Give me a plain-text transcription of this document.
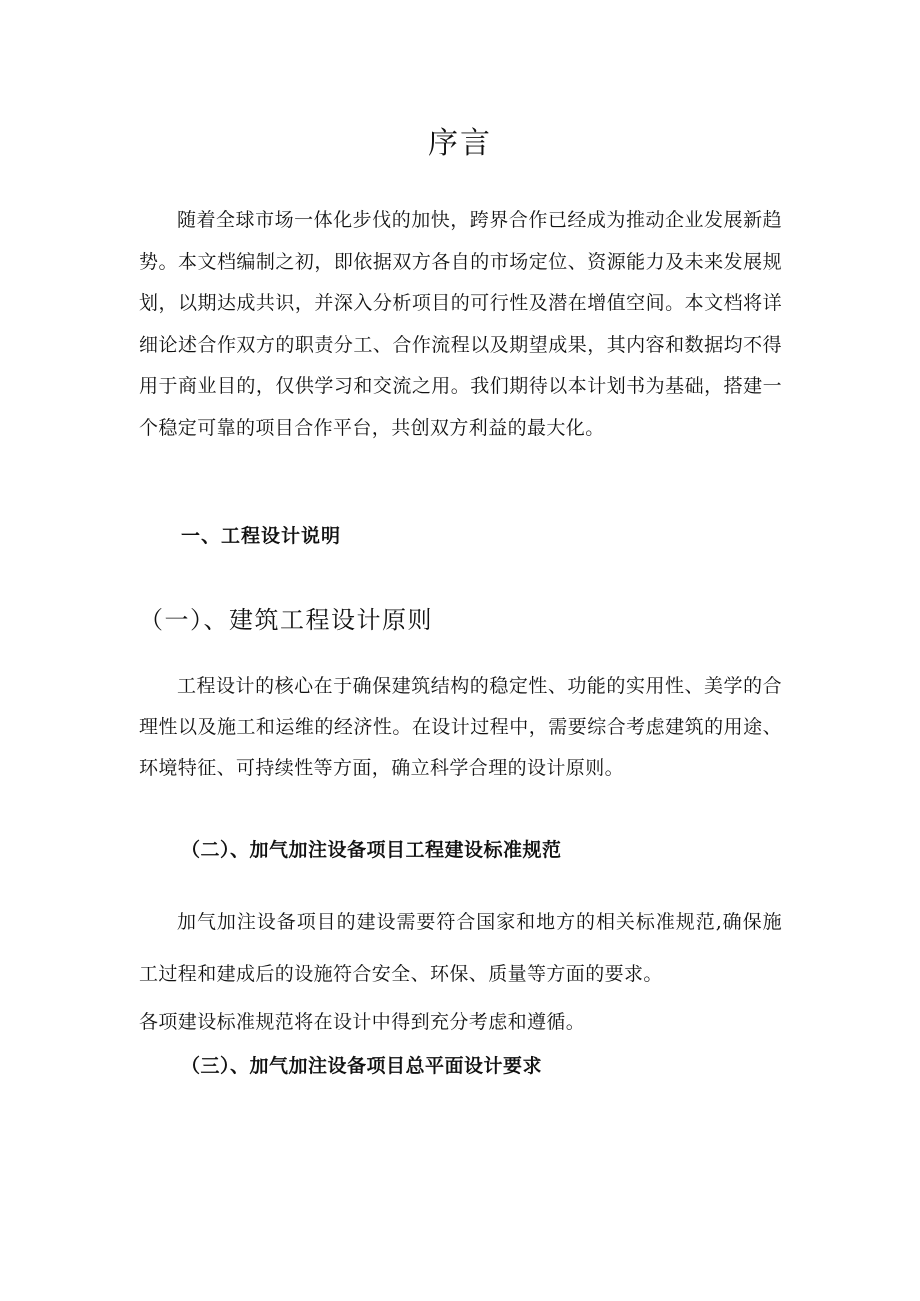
序言

随着全球市场一体化步伐的加快，跨界合作已经成为推动企业发展新趋势。本文档编制之初，即依据双方各自的市场定位、资源能力及未来发展规划，以期达成共识，并深入分析项目的可行性及潜在增值空间。本文档将详细论述合作双方的职责分工、合作流程以及期望成果，其内容和数据均不得用于商业目的，仅供学习和交流之用。我们期待以本计划书为基础，搭建一个稳定可靠的项目合作平台，共创双方利益的最大化。

一、工程设计说明
（一）、建筑工程设计原则

工程设计的核心在于确保建筑结构的稳定性、功能的实用性、美学的合理性以及施工和运维的经济性。在设计过程中，需要综合考虑建筑的用途、环境特征、可持续性等方面，确立科学合理的设计原则。

（二）、加气加注设备项目工程建设标准规范

加气加注设备项目的建设需要符合国家和地方的相关标准规范,确保施工过程和建成后的设施符合安全、环保、质量等方面的要求。

各项建设标准规范将在设计中得到充分考虑和遵循。

（三）、加气加注设备项目总平面设计要求
